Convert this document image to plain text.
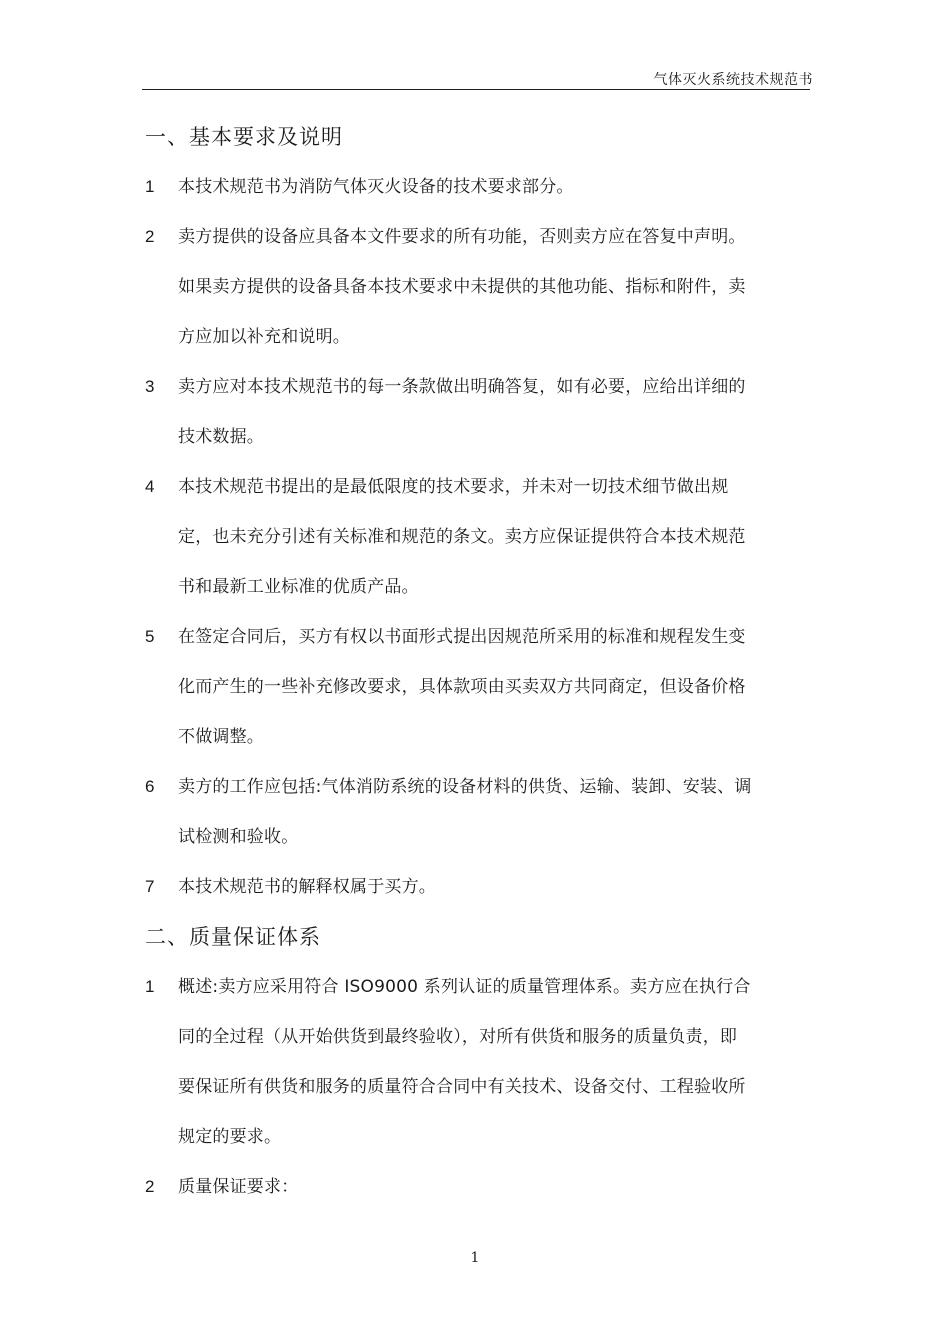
气体灭火系统技术规范书
一、基本要求及说明
1	本技术规范书为消防气体灭火设备的技术要求部分。
2	卖方提供的设备应具备本文件要求的所有功能，否则卖方应在答复中声明。
如果卖方提供的设备具备本技术要求中未提供的其他功能、指标和附件，卖
方应加以补充和说明。
3	卖方应对本技术规范书的每一条款做出明确答复，如有必要，应给出详细的
技术数据。
4	本技术规范书提出的是最低限度的技术要求，并未对一切技术细节做出规
定，也未充分引述有关标准和规范的条文。卖方应保证提供符合本技术规范
书和最新工业标准的优质产品。
5	在签定合同后，买方有权以书面形式提出因规范所采用的标准和规程发生变
化而产生的一些补充修改要求，具体款项由买卖双方共同商定，但设备价格
不做调整。
6	卖方的工作应包括:气体消防系统的设备材料的供货、运输、装卸、安装、调
试检测和验收。
7	本技术规范书的解释权属于买方。
二、质量保证体系
1	概述:卖方应采用符合 ISO9000 系列认证的质量管理体系。卖方应在执行合
同的全过程（从开始供货到最终验收），对所有供货和服务的质量负责，即
要保证所有供货和服务的质量符合合同中有关技术、设备交付、工程验收所
规定的要求。
2	质量保证要求：
1
